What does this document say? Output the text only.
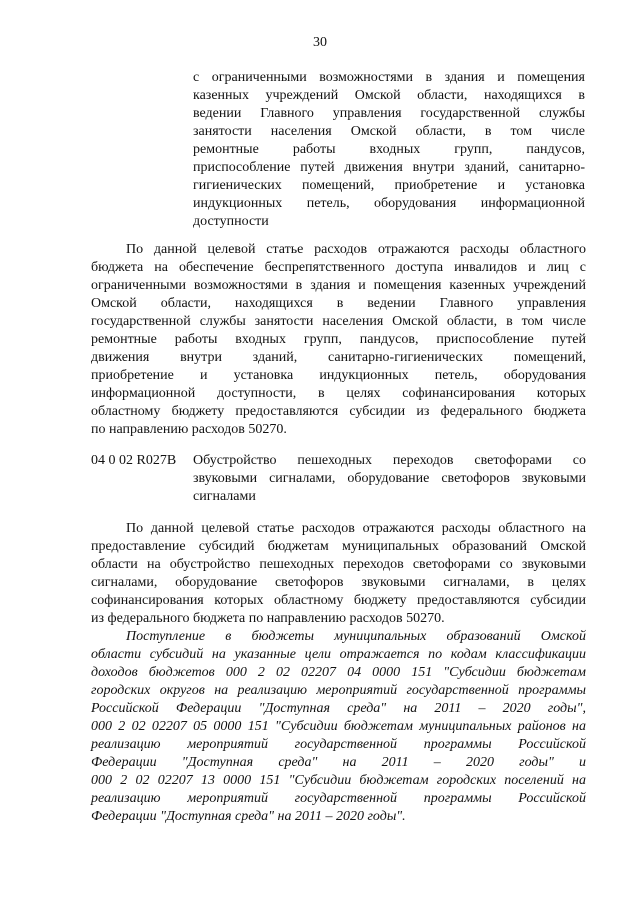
30
с ограниченными возможностями в здания и помещения
казенных учреждений Омской области, находящихся в
ведении Главного управления государственной службы
занятости населения Омской области, в том числе
ремонтные работы входных групп, пандусов,
приспособление путей движения внутри зданий, санитарно-
гигиенических помещений, приобретение и установка
индукционных петель, оборудования информационной
доступности
По данной целевой статье расходов отражаются расходы областного
бюджета на обеспечение беспрепятственного доступа инвалидов и лиц с
ограниченными возможностями в здания и помещения казенных учреждений
Омской области, находящихся в ведении Главного управления
государственной службы занятости населения Омской области, в том числе
ремонтные работы входных групп, пандусов, приспособление путей
движения внутри зданий, санитарно-гигиенических помещений,
приобретение и установка индукционных петель, оборудования
информационной доступности, в целях софинансирования которых
областному бюджету предоставляются субсидии из федерального бюджета
по направлению расходов 50270.
04 0 02 R027B Обустройство пешеходных переходов светофорами со
звуковыми сигналами, оборудование светофоров звуковыми
сигналами
По данной целевой статье расходов отражаются расходы областного на
предоставление субсидий бюджетам муниципальных образований Омской
области на обустройство пешеходных переходов светофорами со звуковыми
сигналами, оборудование светофоров звуковыми сигналами, в целях
софинансирования которых областному бюджету предоставляются субсидии
из федерального бюджета по направлению расходов 50270.
Поступление в бюджеты муниципальных образований Омской
области субсидий на указанные цели отражается по кодам классификации
доходов бюджетов 000 2 02 02207 04 0000 151 "Субсидии бюджетам
городских округов на реализацию мероприятий государственной программы
Российской Федерации "Доступная среда" на 2011 – 2020 годы",
000 2 02 02207 05 0000 151 "Субсидии бюджетам муниципальных районов на
реализацию мероприятий государственной программы Российской
Федерации "Доступная среда" на 2011 – 2020 годы" и
000 2 02 02207 13 0000 151 "Субсидии бюджетам городских поселений на
реализацию мероприятий государственной программы Российской
Федерации "Доступная среда" на 2011 – 2020 годы".
